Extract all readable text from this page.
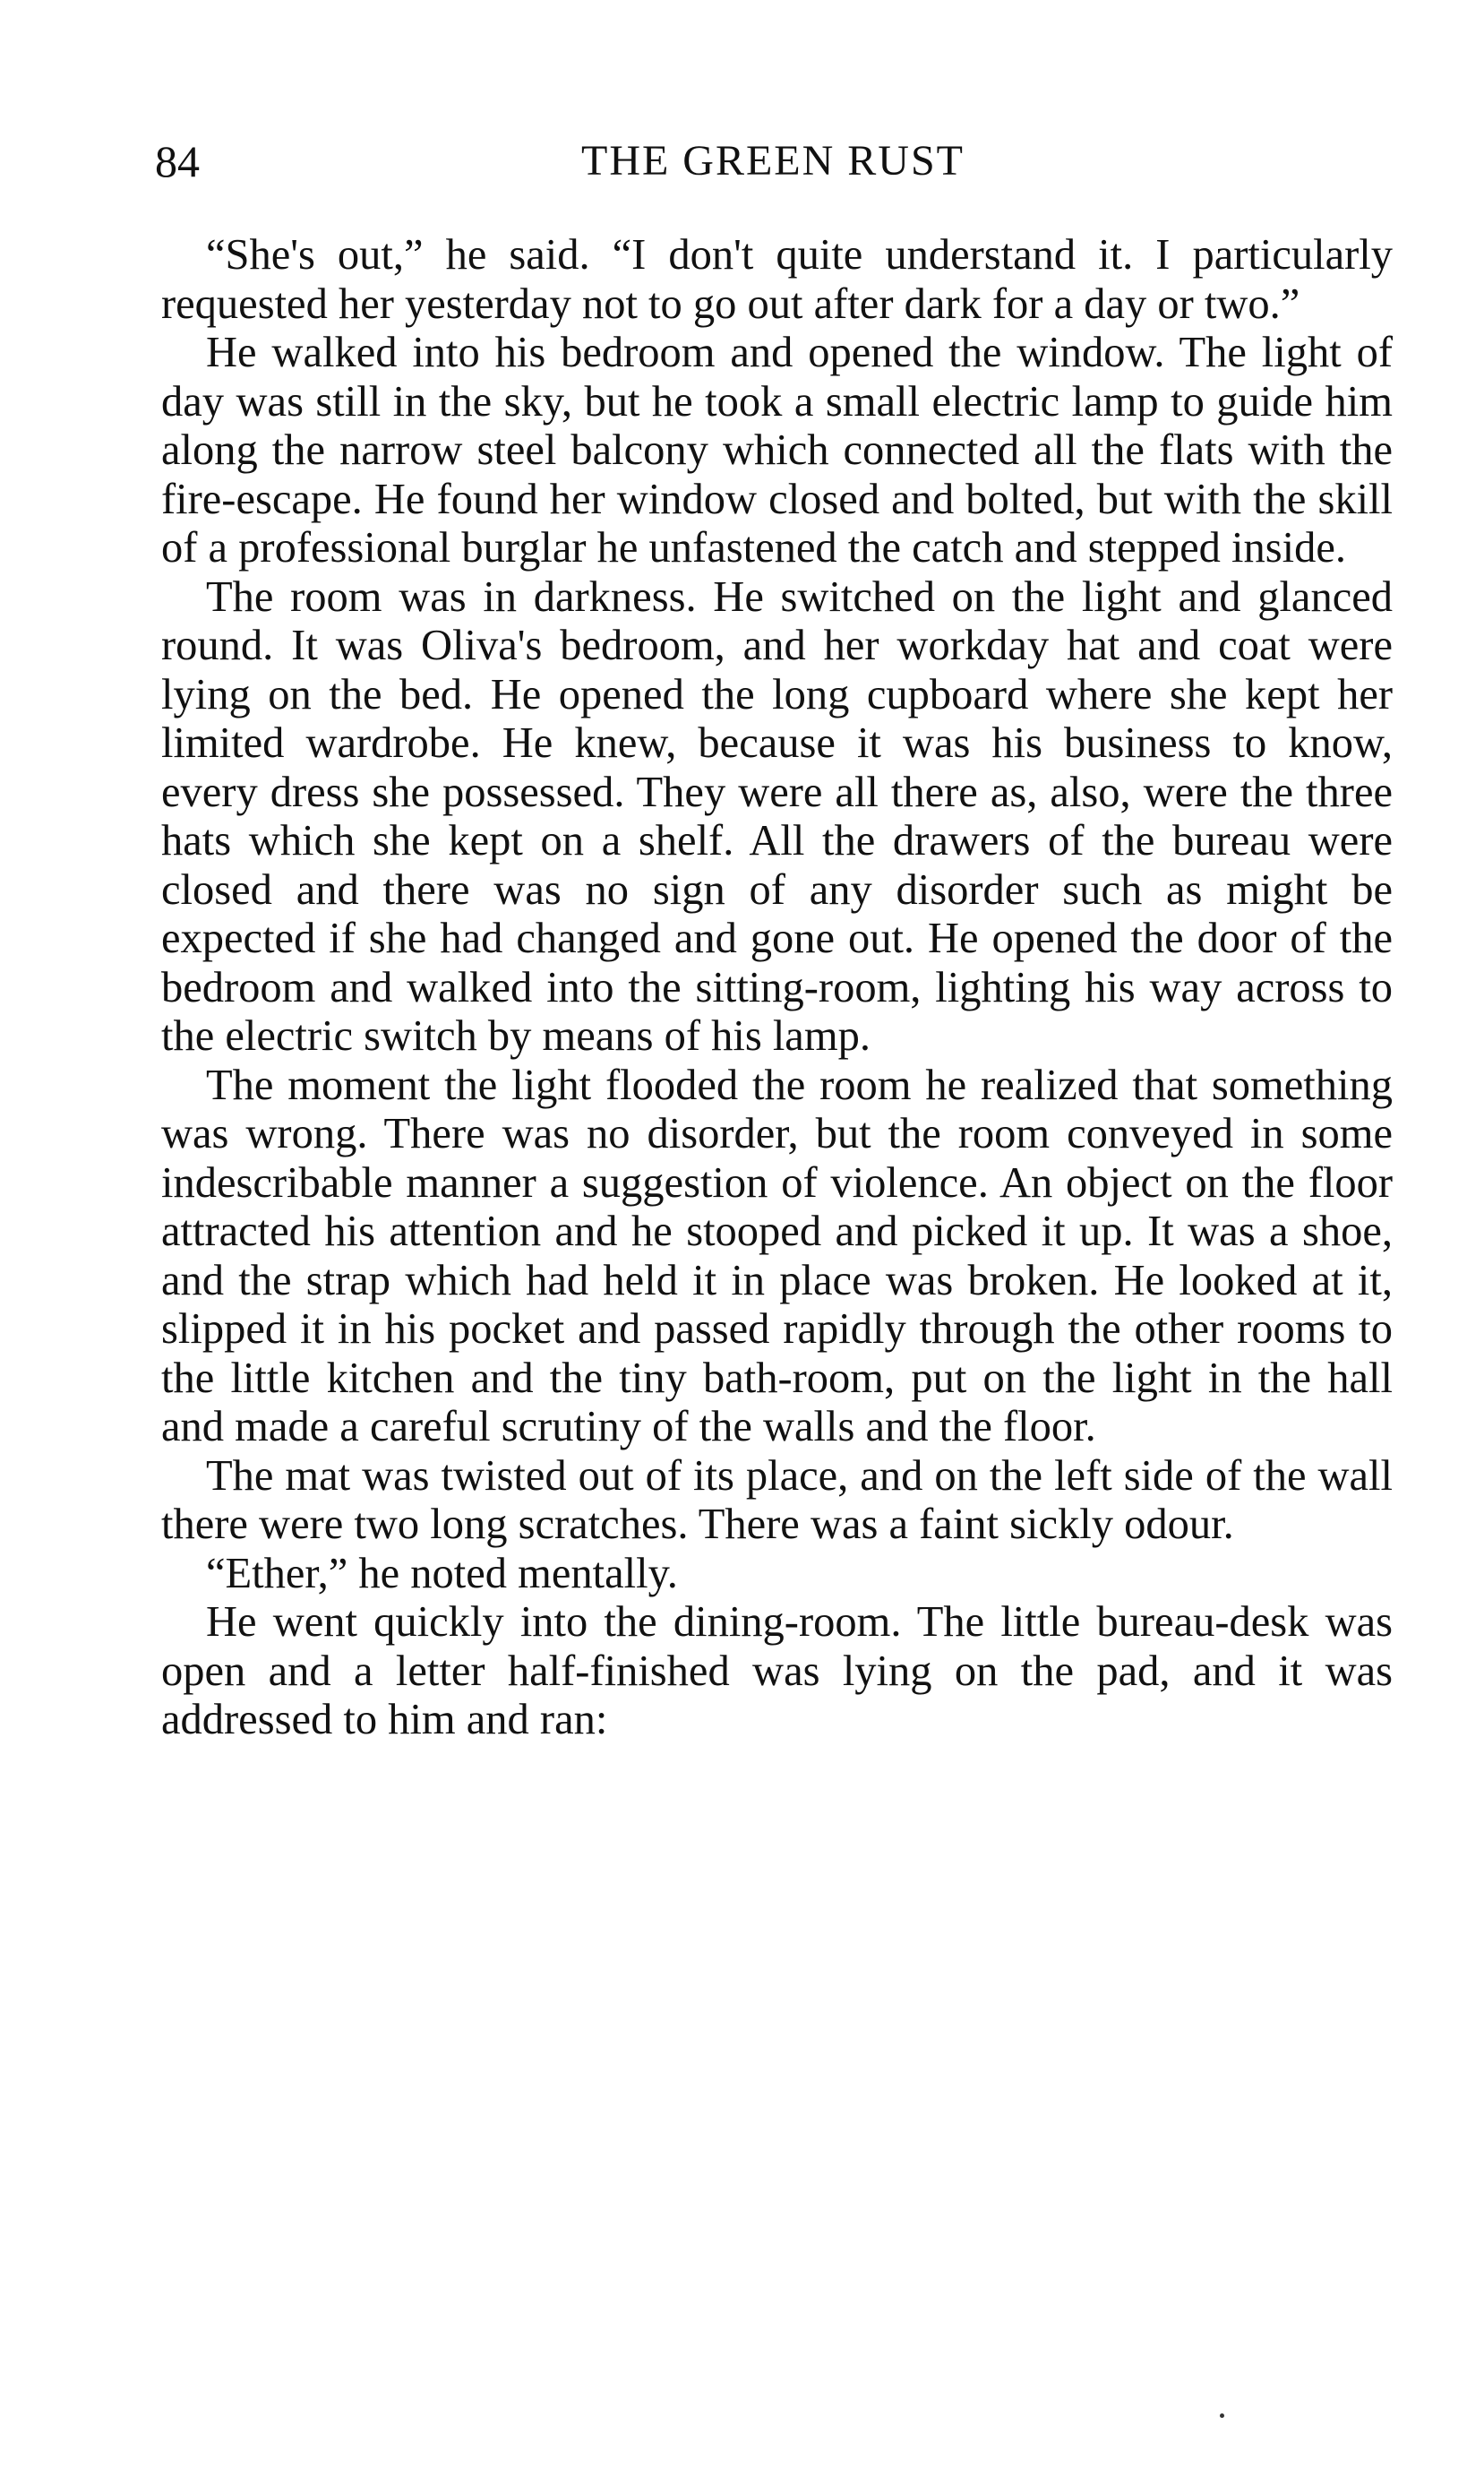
84	THE GREEN RUST

“She's out,” he said. “I don't quite understand it. I particularly requested her yesterday not to go out after dark for a day or two.”

He walked into his bedroom and opened the window. The light of day was still in the sky, but he took a small electric lamp to guide him along the narrow steel balcony which connected all the flats with the fire-escape. He found her window closed and bolted, but with the skill of a professional burglar he unfastened the catch and stepped inside.

The room was in darkness. He switched on the light and glanced round. It was Oliva's bedroom, and her workday hat and coat were lying on the bed. He opened the long cupboard where she kept her limited wardrobe. He knew, because it was his business to know, every dress she possessed. They were all there as, also, were the three hats which she kept on a shelf. All the drawers of the bureau were closed and there was no sign of any disorder such as might be expected if she had changed and gone out. He opened the door of the bedroom and walked into the sitting-room, lighting his way across to the electric switch by means of his lamp.

The moment the light flooded the room he realized that something was wrong. There was no disorder, but the room conveyed in some indescribable manner a suggestion of violence. An object on the floor attracted his attention and he stooped and picked it up. It was a shoe, and the strap which had held it in place was broken. He looked at it, slipped it in his pocket and passed rapidly through the other rooms to the little kitchen and the tiny bath-room, put on the light in the hall and made a careful scrutiny of the walls and the floor.

The mat was twisted out of its place, and on the left side of the wall there were two long scratches. There was a faint sickly odour.

“Ether,” he noted mentally.

He went quickly into the dining-room. The little bureau-desk was open and a letter half-finished was lying on the pad, and it was addressed to him and ran:
